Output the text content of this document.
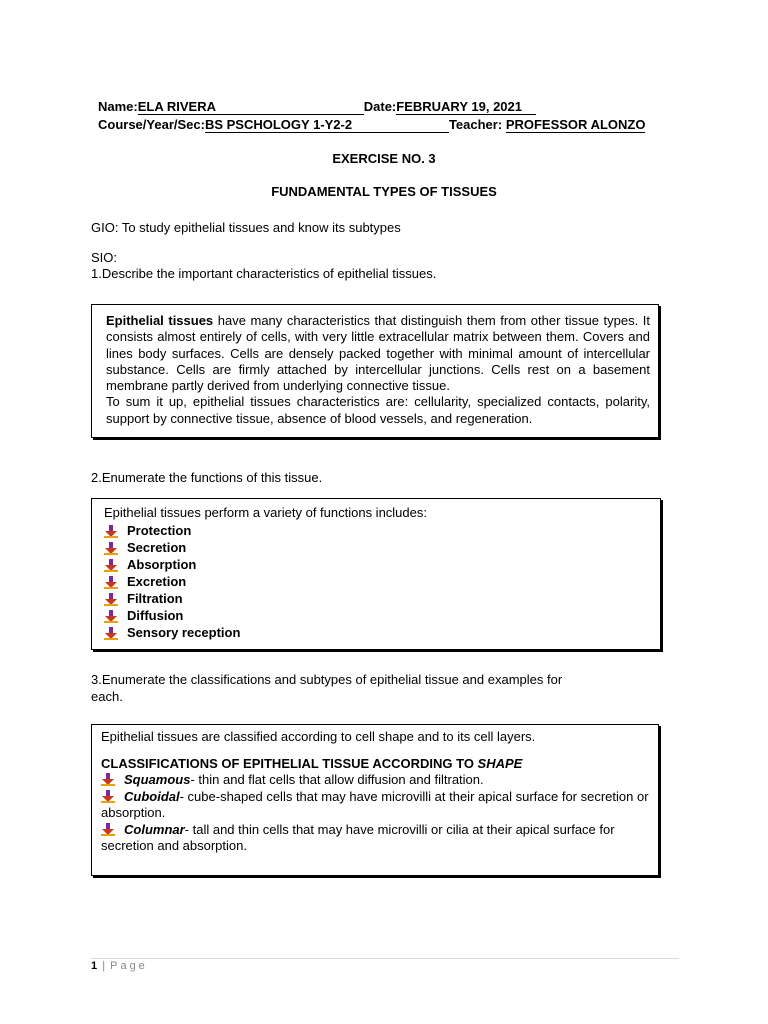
Name:ELA RIVERA	Date:FEBRUARY 19, 2021
Course/Year/Sec:BS PSCHOLOGY 1-Y2-2	Teacher: PROFESSOR ALONZO
EXERCISE NO. 3
FUNDAMENTAL TYPES OF TISSUES
GIO: To study epithelial tissues and know its subtypes
SIO:
1.Describe the important characteristics of epithelial tissues.

Epithelial tissues have many characteristics that distinguish them from other tissue types. It consists almost entirely of cells, with very little extracellular matrix between them. Covers and lines body surfaces. Cells are densely packed together with minimal amount of intercellular substance. Cells are firmly attached by intercellular junctions. Cells rest on a basement membrane partly derived from underlying connective tissue.

To sum it up, epithelial tissues characteristics are: cellularity, specialized contacts, polarity, support by connective tissue, absence of blood vessels, and regeneration.

2.Enumerate the functions of this tissue.
Epithelial tissues perform a variety of functions includes:
Protection
Secretion
Absorption
Excretion
Filtration
Diffusion
Sensory reception
3.Enumerate the classifications and subtypes of epithelial tissue and examples for
each.
Epithelial tissues are classified according to cell shape and to its cell layers.
CLASSIFICATIONS OF EPITHELIAL TISSUE ACCORDING TO SHAPE
Squamous- thin and flat cells that allow diffusion and filtration.
Cuboidal- cube-shaped cells that may have microvilli at their apical surface for secretion or absorption.
Columnar- tall and thin cells that may have microvilli or cilia at their apical surface for secretion and absorption.
1 | Page
